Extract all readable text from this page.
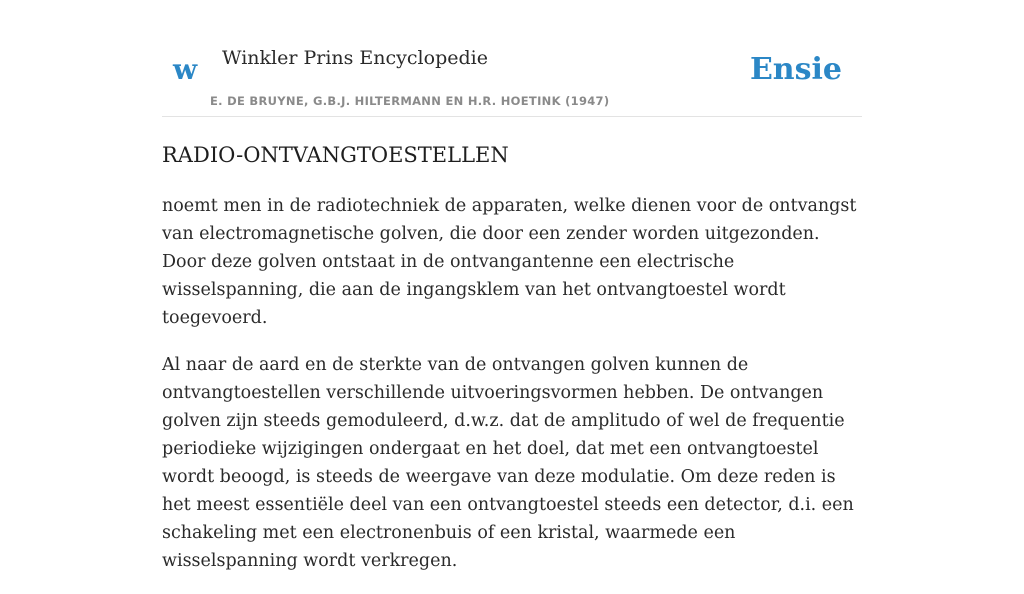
w Winkler Prins Encyclopedie
E. DE BRUYNE, G.B.J. HILTERMANN EN H.R. HOETINK (1947)
Ensie
RADIO-ONTVANGTOESTELLEN

noemt men in de radiotechniek de apparaten, welke dienen voor de ontvangst van electromagnetische golven, die door een zender worden uitgezonden. Door deze golven ontstaat in de ontvangantenne een electrische wisselspanning, die aan de ingangsklem van het ontvangtoestel wordt toegevoerd.

Al naar de aard en de sterkte van de ontvangen golven kunnen de ontvangtoestellen verschillende uitvoeringsvormen hebben. De ontvangen golven zijn steeds gemoduleerd, d.w.z. dat de amplitudo of wel de frequentie periodieke wijzigingen ondergaat en het doel, dat met een ontvangtoestel wordt beoogd, is steeds de weergave van deze modulatie. Om deze reden is het meest essentiële deel van een ontvangtoestel steeds een detector, d.i. een schakeling met een electronenbuis of een kristal, waarmede een wisselspanning wordt verkregen.
